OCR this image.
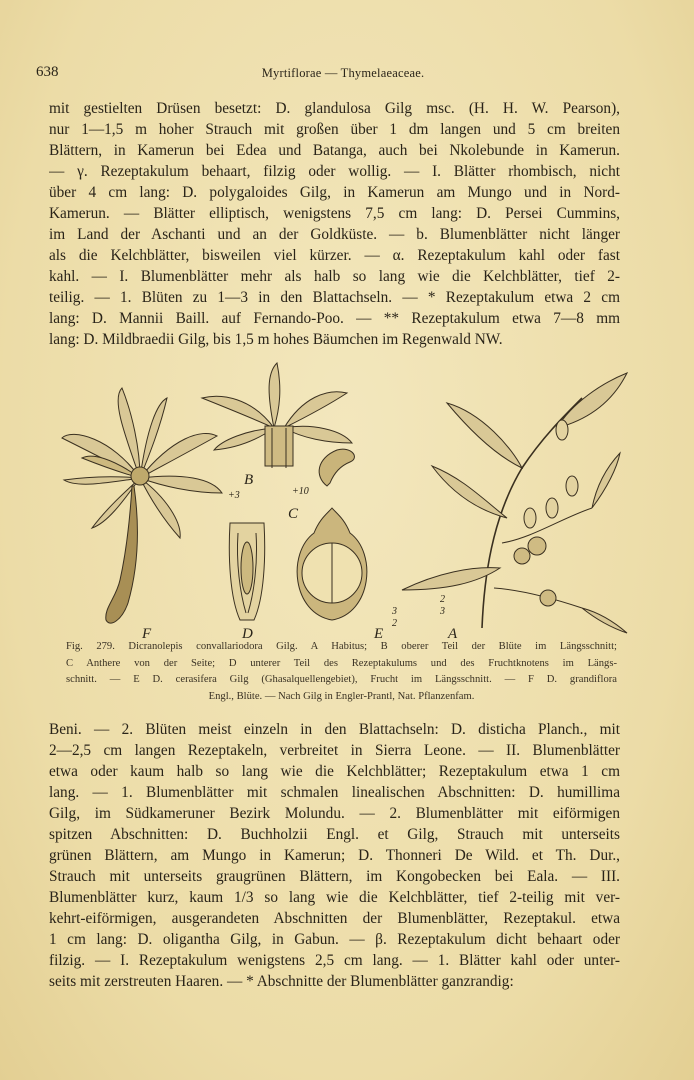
638	Myrtiflorae — Thymelaeaceae.
mit gestielten Drüsen besetzt: D. glandulosa Gilg msc. (H. H. W. Pearson),
nur 1—1,5 m hoher Strauch mit großen über 1 dm langen und 5 cm breiten
Blättern, in Kamerun bei Edea und Batanga, auch bei Nkolebunde in Kamerun.
— γ. Rezeptakulum behaart, filzig oder wollig. — I. Blätter rhombisch, nicht
über 4 cm lang: D. polygaloides Gilg, in Kamerun am Mungo und in Nord-
Kamerun. — Blätter elliptisch, wenigstens 7,5 cm lang: D. Persei Cummins,
im Land der Aschanti und an der Goldküste. — b. Blumenblätter nicht länger
als die Kelchblätter, bisweilen viel kürzer. — α. Rezeptakulum kahl oder fast
kahl. — I. Blumenblätter mehr als halb so lang wie die Kelchblätter, tief 2-
teilig. — 1. Blüten zu 1—3 in den Blattachseln. — * Rezeptakulum etwa 2 cm
lang: D. Mannii Baill. auf Fernando-Poo. — ** Rezeptakulum etwa 7—8 mm
lang: D. Mildbraedii Gilg, bis 1,5 m hohes Bäumchen im Regenwald NW.
F	D	E	A
B
C
+3	+10
3
2
2
3
Fig. 279. Dicranolepis convallariodora Gilg. A Habitus; B oberer Teil der Blüte im Längsschnitt;
C Anthere von der Seite; D unterer Teil des Rezeptakulums und des Fruchtknotens im Längs-
schnitt. — E D. cerasifera Gilg (Ghasalquellengebiet), Frucht im Längsschnitt. — F D. grandiflora
Engl., Blüte. — Nach Gilg in Engler-Prantl, Nat. Pflanzenfam.
Beni. — 2. Blüten meist einzeln in den Blattachseln: D. disticha Planch., mit
2—2,5 cm langen Rezeptakeln, verbreitet in Sierra Leone. — II. Blumenblätter
etwa oder kaum halb so lang wie die Kelchblätter; Rezeptakulum etwa 1 cm
lang. — 1. Blumenblätter mit schmalen linealischen Abschnitten: D. humillima
Gilg, im Südkameruner Bezirk Molundu. — 2. Blumenblätter mit eiförmigen
spitzen Abschnitten: D. Buchholzii Engl. et Gilg, Strauch mit unterseits
grünen Blättern, am Mungo in Kamerun; D. Thonneri De Wild. et Th. Dur.,
Strauch mit unterseits graugrünen Blättern, im Kongobecken bei Eala. — III.
Blumenblätter kurz, kaum 1/3 so lang wie die Kelchblätter, tief 2-teilig mit ver-
kehrt-eiförmigen, ausgerandeten Abschnitten der Blumenblätter, Rezeptakul. etwa
1 cm lang: D. oligantha Gilg, in Gabun. — β. Rezeptakulum dicht behaart oder
filzig. — I. Rezeptakulum wenigstens 2,5 cm lang. — 1. Blätter kahl oder unter-
seits mit zerstreuten Haaren. — * Abschnitte der Blumenblätter ganzrandig:
